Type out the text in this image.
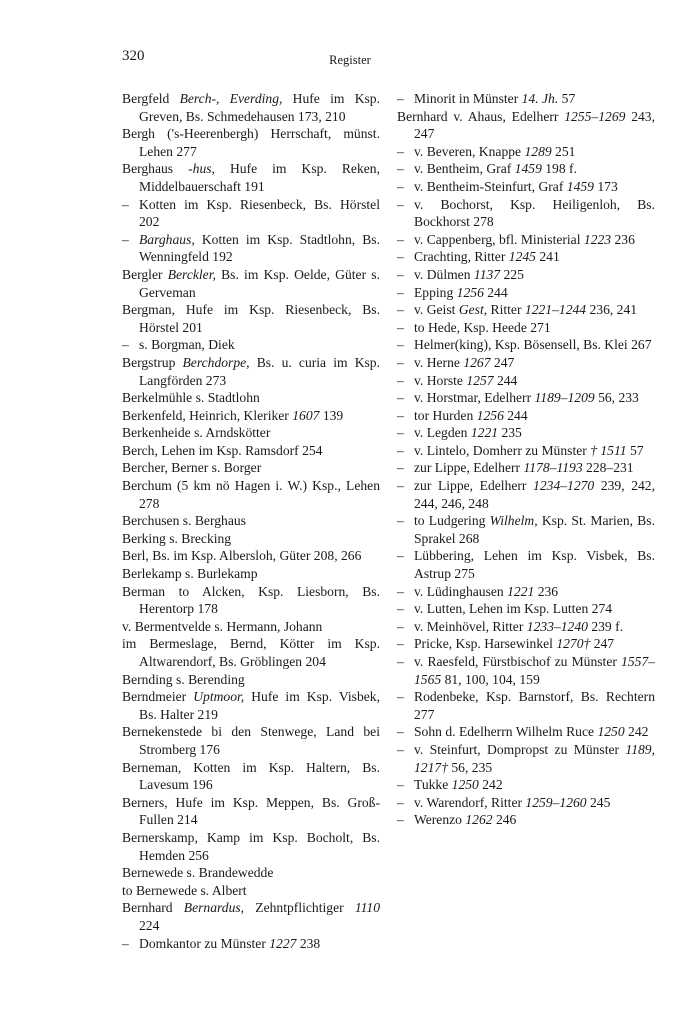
320	Register

Bergfeld Berch-, Everding, Hufe im Ksp. Greven, Bs. Schmedehausen 173, 210

Bergh ('s-Heerenbergh) Herrschaft, münst. Lehen 277

Berghaus -hus, Hufe im Ksp. Reken, Middelbauerschaft 191

– Kotten im Ksp. Riesenbeck, Bs. Hörstel 202

– Barghaus, Kotten im Ksp. Stadtlohn, Bs. Wenningfeld 192

Bergler Berckler, Bs. im Ksp. Oelde, Güter s. Gerveman

Bergman, Hufe im Ksp. Riesenbeck, Bs. Hörstel 201

– s. Borgman, Diek

Bergstrup Berchdorpe, Bs. u. curia im Ksp. Langförden 273

Berkelmühle s. Stadtlohn

Berkenfeld, Heinrich, Kleriker 1607 139

Berkenheide s. Arndskötter

Berch, Lehen im Ksp. Ramsdorf 254

Bercher, Berner s. Borger

Berchum (5 km nö Hagen i. W.) Ksp., Lehen 278

Berchusen s. Berghaus

Berking s. Brecking

Berl, Bs. im Ksp. Albersloh, Güter 208, 266

Berlekamp s. Burlekamp

Berman to Alcken, Ksp. Liesborn, Bs. Herentorp 178

v. Bermentvelde s. Hermann, Johann

im Bermeslage, Bernd, Kötter im Ksp. Altwarendorf, Bs. Gröblingen 204

Bernding s. Berending

Berndmeier Uptmoor, Hufe im Ksp. Visbek, Bs. Halter 219

Bernekenstede bi den Stenwege, Land bei Stromberg 176

Berneman, Kotten im Ksp. Haltern, Bs. Lavesum 196

Berners, Hufe im Ksp. Meppen, Bs. Groß-Fullen 214

Bernerskamp, Kamp im Ksp. Bocholt, Bs. Hemden 256

Bernewede s. Brandewedde

to Bernewede s. Albert

Bernhard Bernardus, Zehntpflichtiger 1110 224

– Domkantor zu Münster 1227 238

– Minorit in Münster 14. Jh. 57

Bernhard v. Ahaus, Edelherr 1255–1269 243, 247

– v. Beveren, Knappe 1289 251

– v. Bentheim, Graf 1459 198 f.

– v. Bentheim-Steinfurt, Graf 1459 173

– v. Bochorst, Ksp. Heiligenloh, Bs. Bockhorst 278

– v. Cappenberg, bfl. Ministerial 1223 236

– Crachting, Ritter 1245 241

– v. Dülmen 1137 225

– Epping 1256 244

– v. Geist Gest, Ritter 1221–1244 236, 241

– to Hede, Ksp. Heede 271

– Helmer(king), Ksp. Bösensell, Bs. Klei 267

– v. Herne 1267 247

– v. Horste 1257 244

– v. Horstmar, Edelherr 1189–1209 56, 233

– tor Hurden 1256 244

– v. Legden 1221 235

– v. Lintelo, Domherr zu Münster † 1511 57

– zur Lippe, Edelherr 1178–1193 228–231

– zur Lippe, Edelherr 1234–1270 239, 242, 244, 246, 248

– to Ludgering Wilhelm, Ksp. St. Marien, Bs. Sprakel 268

– Lübbering, Lehen im Ksp. Visbek, Bs. Astrup 275

– v. Lüdinghausen 1221 236

– v. Lutten, Lehen im Ksp. Lutten 274

– v. Meinhövel, Ritter 1233–1240 239 f.

– Pricke, Ksp. Harsewinkel 1270† 247

– v. Raesfeld, Fürstbischof zu Münster 1557–1565 81, 100, 104, 159

– Rodenbeke, Ksp. Barnstorf, Bs. Rechtern 277

– Sohn d. Edelherrn Wilhelm Ruce 1250 242

– v. Steinfurt, Dompropst zu Münster 1189, 1217† 56, 235

– Tukke 1250 242

– v. Warendorf, Ritter 1259–1260 245

– Werenzo 1262 246
